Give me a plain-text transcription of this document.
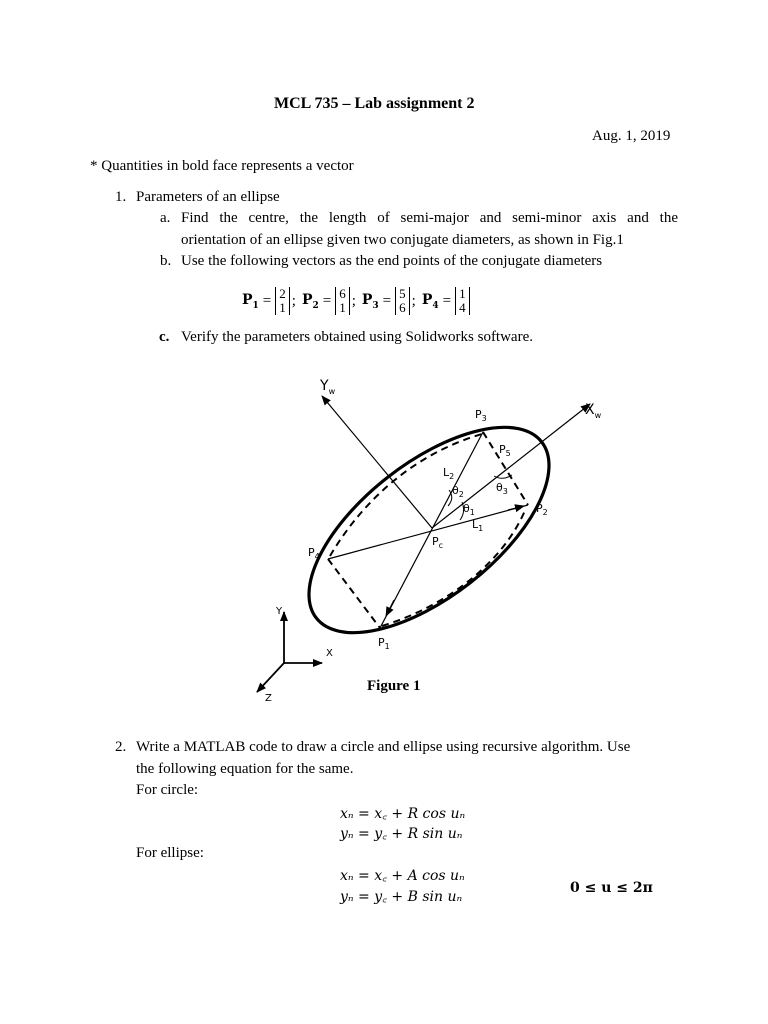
MCL 735 – Lab assignment 2
Aug. 1, 2019
* Quantities in bold face represents a vector
1. Parameters of an ellipse
a. Find the centre, the length of semi-major and semi-minor axis and the
orientation of an ellipse given two conjugate diameters, as shown in Fig.1
b. Use the following vectors as the end points of the conjugate diameters
$P_1 = 2$
1 ; $P_2 = 6$
1 ; $P_3 = 5$
6 ; $P_4 = 1$
4
c. Verify the parameters obtained using Solidworks software.
$Y_w$
$X_w$
$P_3$
$P_5$
$L_2$
$\theta_2$
$\theta_3$
$\theta_1$	$P_2$
$L_1$
$P_c$
$P_4$
$P_1$
Y
X
Z
Figure 1
2. Write a MATLAB code to draw a circle and ellipse using recursive algorithm. Use
the following equation for the same.
For circle:
xₙ = x꜀ + R cos uₙ
yₙ = y꜀ + R sin uₙ
For ellipse:
xₙ = x꜀ + A cos uₙ
yₙ = y꜀ + B sin uₙ
0 ≤ u ≤ 2π
